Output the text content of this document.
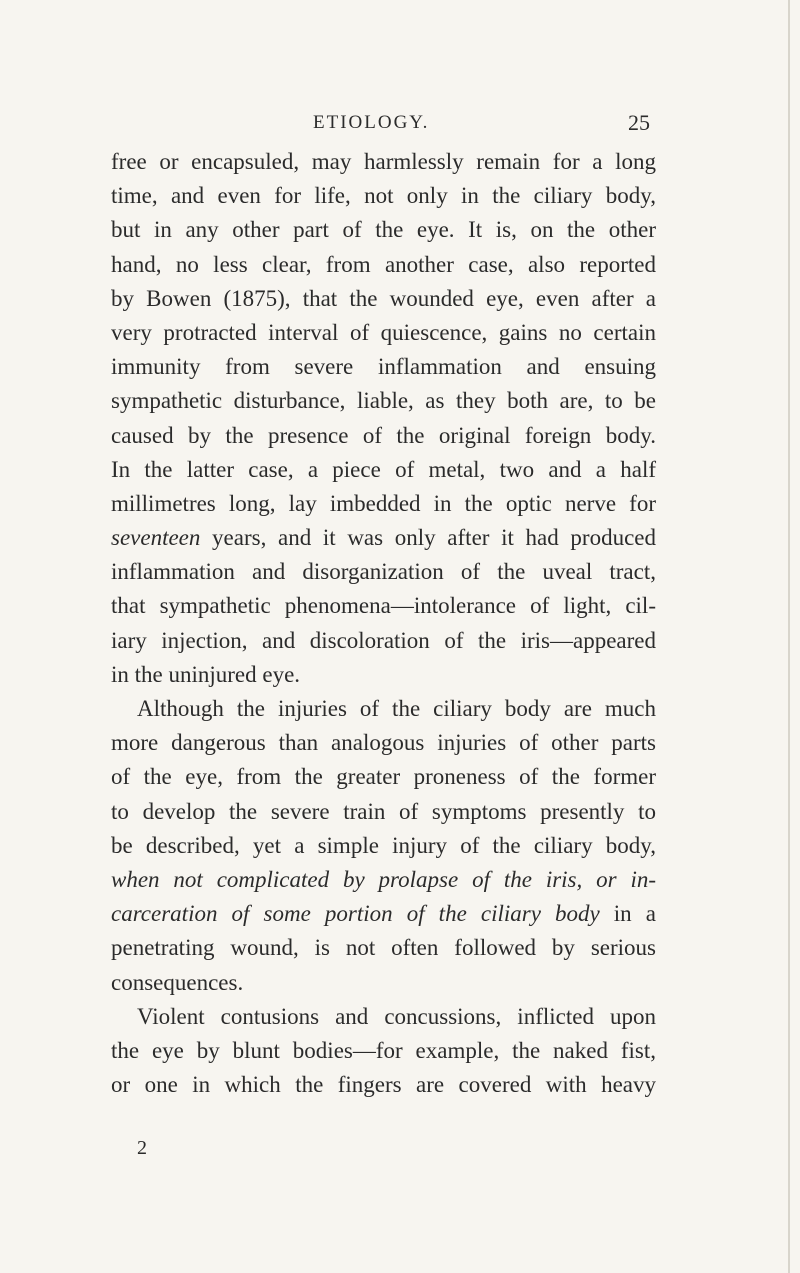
ETIOLOGY.	25
free or encapsuled, may harmlessly remain for a long
time, and even for life, not only in the ciliary body,
but in any other part of the eye. It is, on the other
hand, no less clear, from another case, also reported
by Bowen (1875), that the wounded eye, even after a
very protracted interval of quiescence, gains no certain
immunity from severe inflammation and ensuing
sympathetic disturbance, liable, as they both are, to be
caused by the presence of the original foreign body.
In the latter case, a piece of metal, two and a half
millimetres long, lay imbedded in the optic nerve for
seventeen years, and it was only after it had produced
inflammation and disorganization of the uveal tract,
that sympathetic phenomena—intolerance of light, cil-
iary injection, and discoloration of the iris—appeared
in the uninjured eye.
Although the injuries of the ciliary body are much
more dangerous than analogous injuries of other parts
of the eye, from the greater proneness of the former
to develop the severe train of symptoms presently to
be described, yet a simple injury of the ciliary body,
when not complicated by prolapse of the iris, or in-
carceration of some portion of the ciliary body in a
penetrating wound, is not often followed by serious
consequences.
Violent contusions and concussions, inflicted upon
the eye by blunt bodies—for example, the naked fist,
or one in which the fingers are covered with heavy
2
